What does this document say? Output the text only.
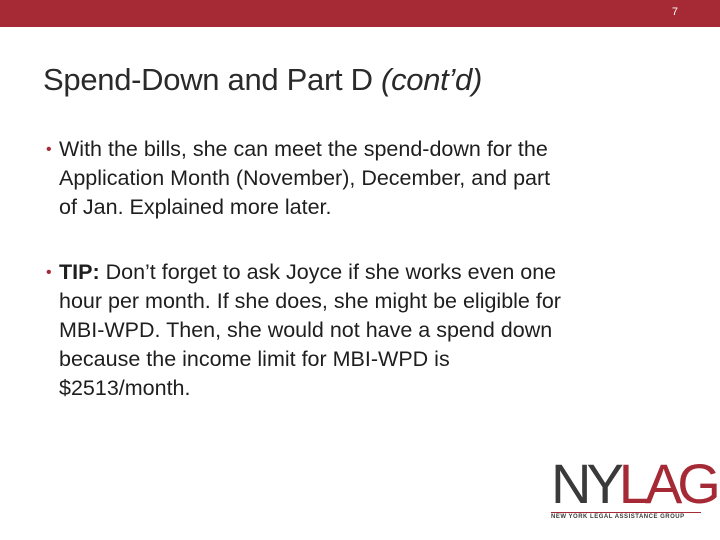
7
Spend-Down and Part D (cont’d)
• With the bills, she can meet the spend-down for the
Application Month (November), December, and part
of Jan. Explained more later.
• TIP: Don’t forget to ask Joyce if she works even one
hour per month. If she does, she might be eligible for
MBI-WPD. Then, she would not have a spend down
because the income limit for MBI-WPD is
$2513/month.
NY LAG
NEW YORK LEGAL ASSISTANCE GROUP
